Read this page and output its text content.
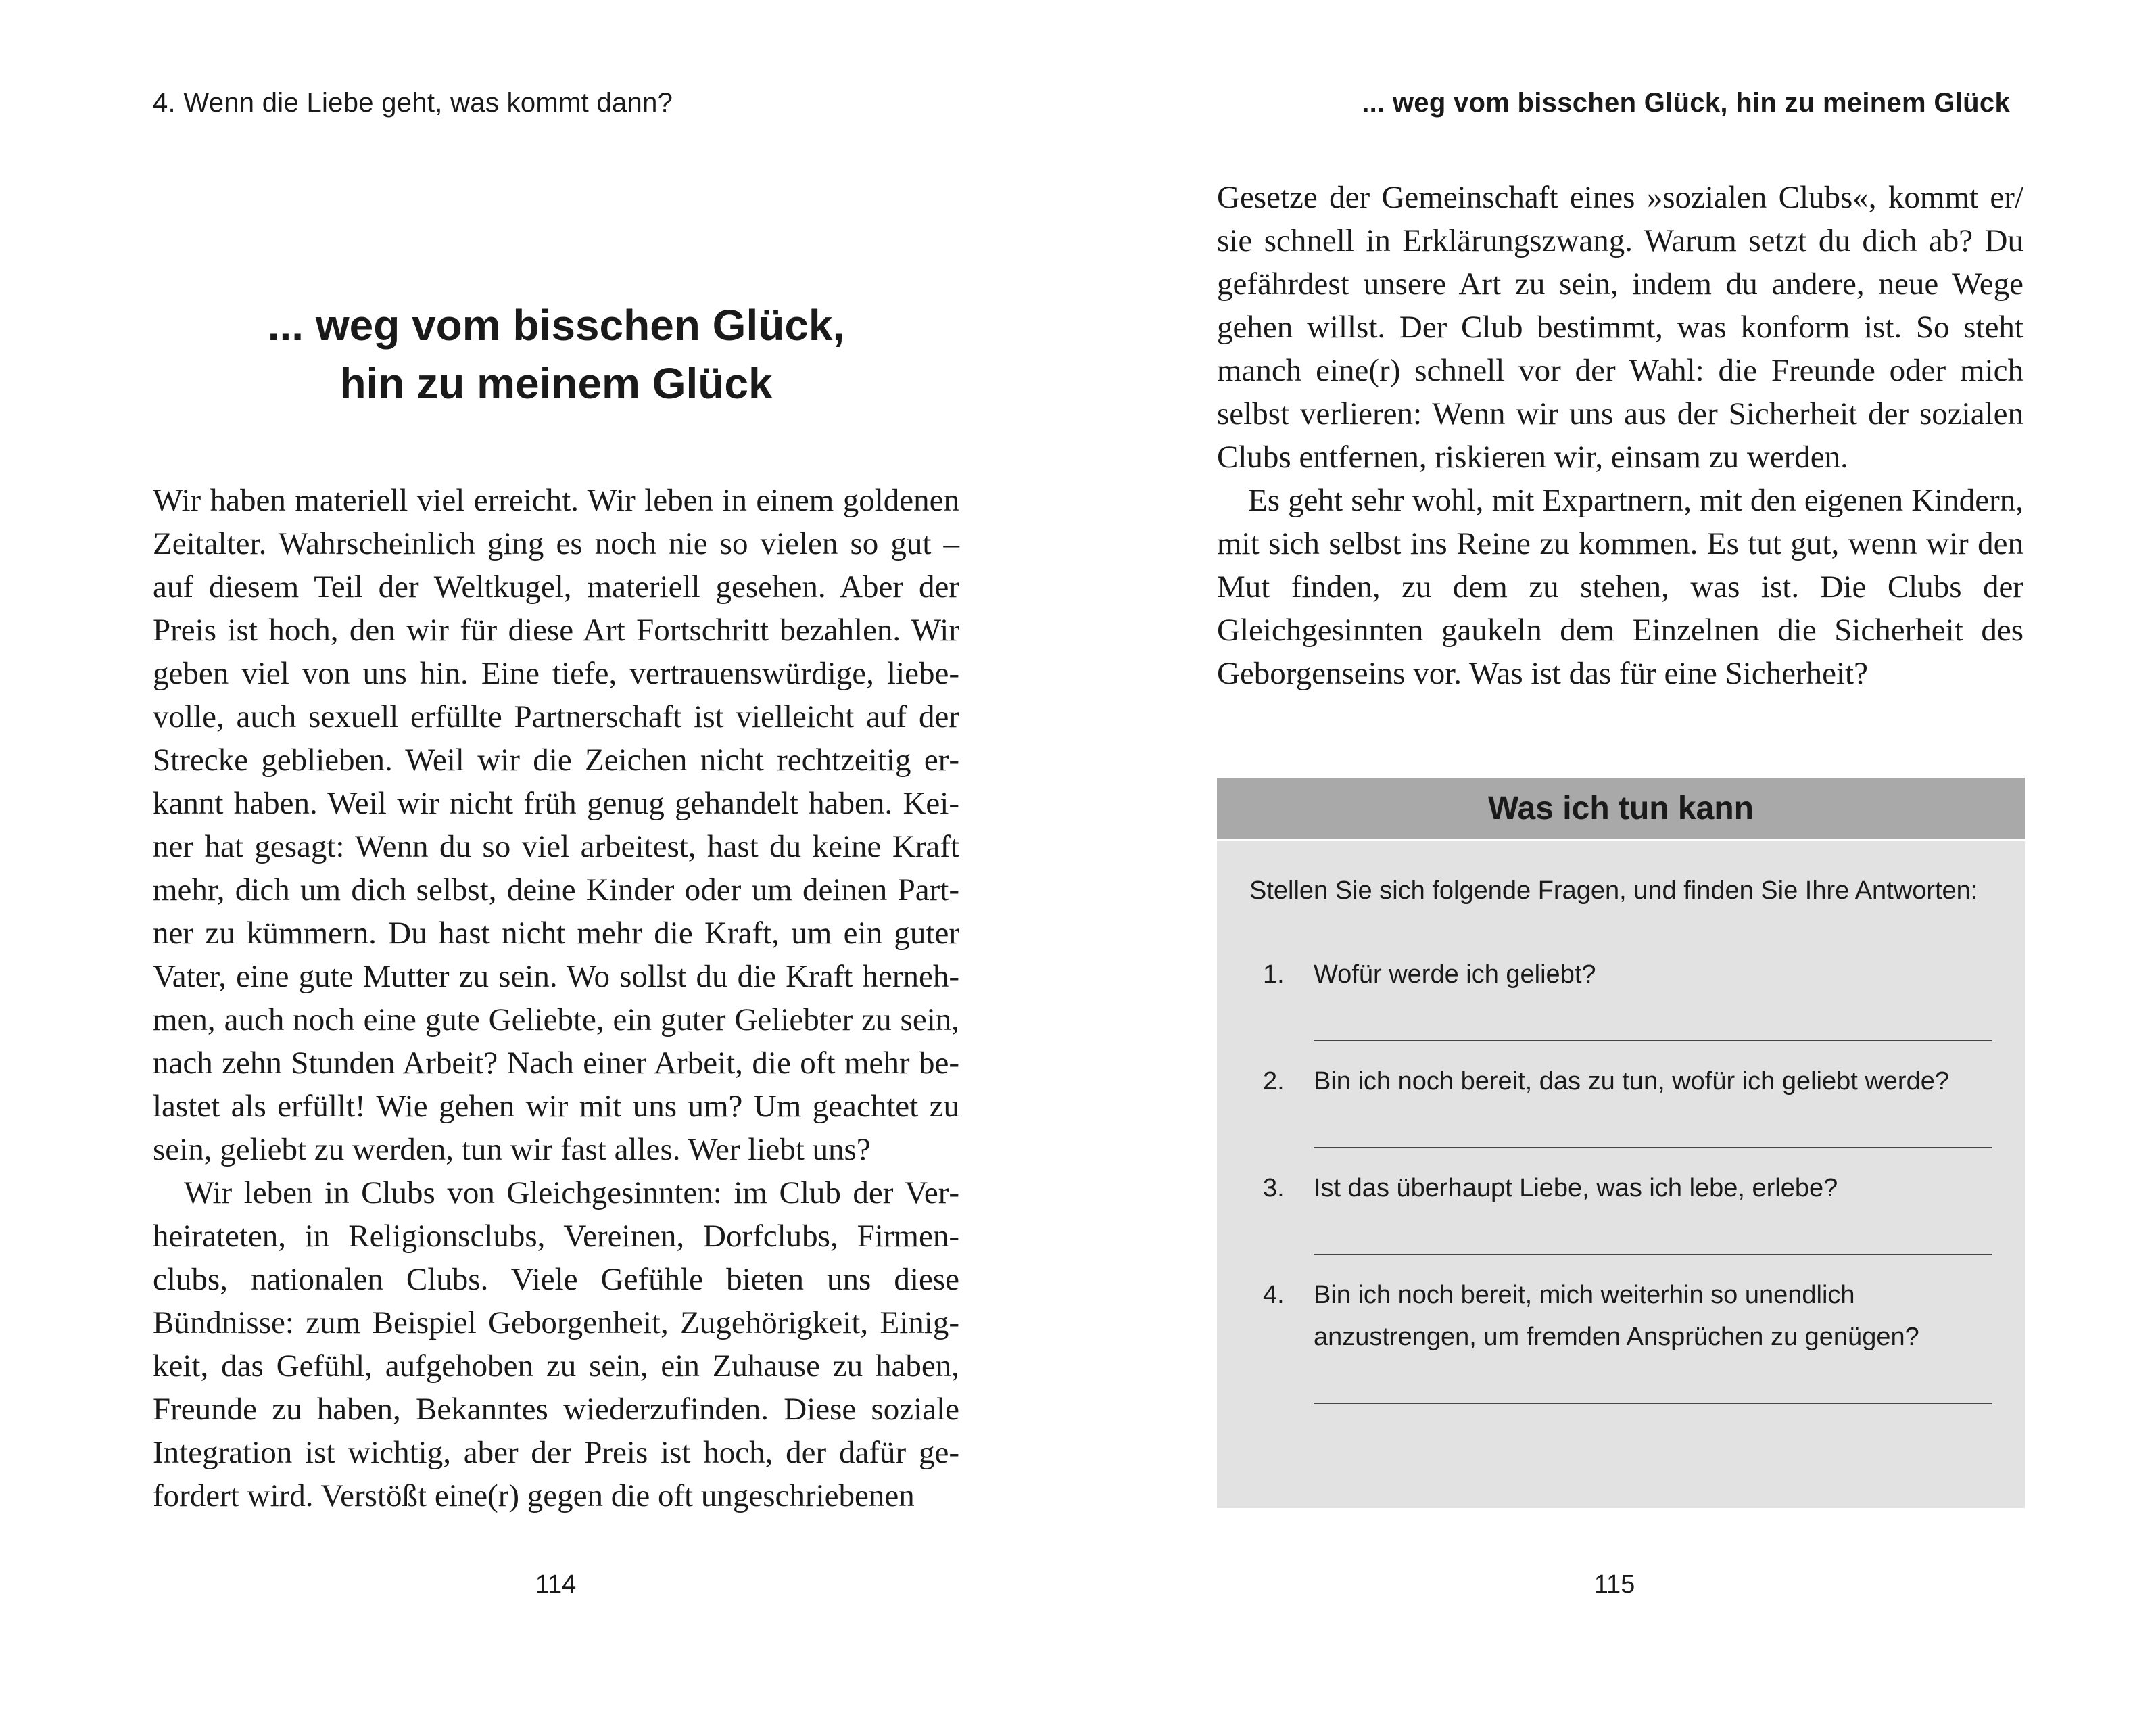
4. Wenn die Liebe geht, was kommt dann?
... weg vom bisschen Glück,
hin zu meinem Glück

Wir haben materiell viel erreicht. Wir leben in einem goldenen Zeitalter. Wahrscheinlich ging es noch nie so vielen so gut – auf diesem Teil der Weltkugel, materiell gesehen. Aber der Preis ist hoch, den wir für diese Art Fortschritt bezahlen. Wir geben viel von uns hin. Eine tiefe, vertrauenswürdige, liebevolle, auch sexuell erfüllte Partnerschaft ist vielleicht auf der Strecke geblieben. Weil wir die Zeichen nicht rechtzeitig erkannt haben. Weil wir nicht früh genug gehandelt haben. Keiner hat gesagt: Wenn du so viel arbeitest, hast du keine Kraft mehr, dich um dich selbst, deine Kinder oder um deinen Partner zu kümmern. Du hast nicht mehr die Kraft, um ein guter Vater, eine gute Mutter zu sein. Wo sollst du die Kraft hernehmen, auch noch eine gute Geliebte, ein guter Geliebter zu sein, nach zehn Stunden Arbeit? Nach einer Arbeit, die oft mehr belastet als erfüllt! Wie gehen wir mit uns um? Um geachtet zu sein, geliebt zu werden, tun wir fast alles. Wer liebt uns?

Wir leben in Clubs von Gleichgesinnten: im Club der Verheirateten, in Religionsclubs, Vereinen, Dorfclubs, Firmenclubs, nationalen Clubs. Viele Gefühle bieten uns diese Bündnisse: zum Beispiel Geborgenheit, Zugehörigkeit, Einigkeit, das Gefühl, aufgehoben zu sein, ein Zuhause zu haben, Freunde zu haben, Bekanntes wiederzufinden. Diese soziale Integration ist wichtig, aber der Preis ist hoch, der dafür gefordert wird. Verstößt eine(r) gegen die oft ungeschriebenen

114
... weg vom bisschen Glück, hin zu meinem Glück

Gesetze der Gemeinschaft eines »sozialen Clubs«, kommt er/ sie schnell in Erklärungszwang. Warum setzt du dich ab? Du gefährdest unsere Art zu sein, indem du andere, neue Wege gehen willst. Der Club bestimmt, was konform ist. So steht manch eine(r) schnell vor der Wahl: die Freunde oder mich selbst verlieren: Wenn wir uns aus der Sicherheit der sozialen Clubs entfernen, riskieren wir, einsam zu werden.

Es geht sehr wohl, mit Expartnern, mit den eigenen Kindern, mit sich selbst ins Reine zu kommen. Es tut gut, wenn wir den Mut finden, zu dem zu stehen, was ist. Die Clubs der Gleichgesinnten gaukeln dem Einzelnen die Sicherheit des Geborgenseins vor. Was ist das für eine Sicherheit?

Was ich tun kann
Stellen Sie sich folgende Fragen, und finden Sie Ihre Antworten:
1.	Wofür werde ich geliebt?
2.	Bin ich noch bereit, das zu tun, wofür ich geliebt werde?
3.	Ist das überhaupt Liebe, was ich lebe, erlebe?
4.	Bin ich noch bereit, mich weiterhin so unendlich anzustrengen, um fremden Ansprüchen zu genügen?
115
